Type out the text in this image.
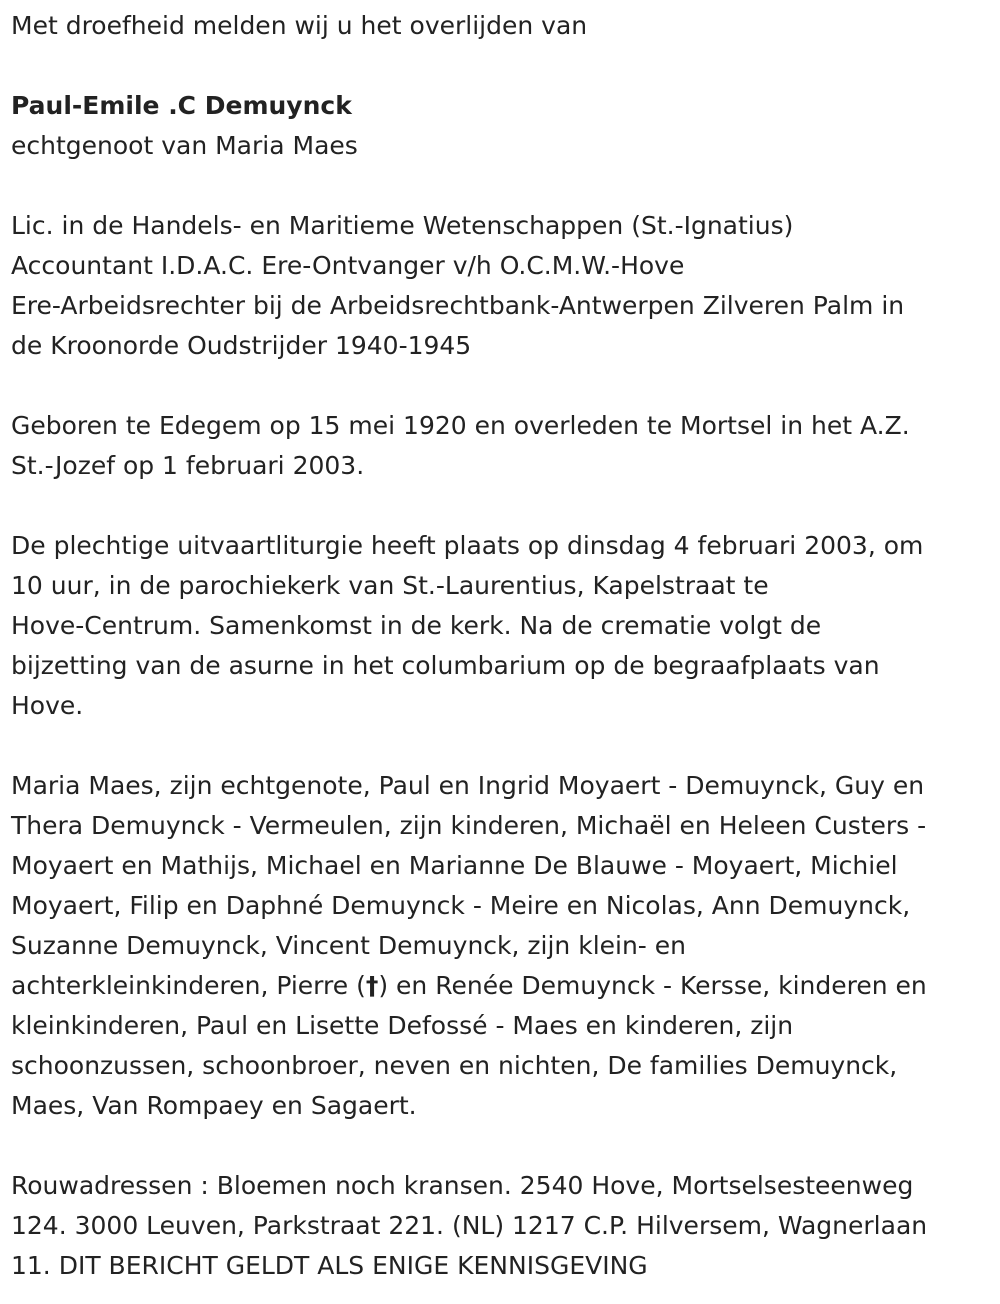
Met droefheid melden wij u het overlijden van
Paul-Emile .C Demuynck
echtgenoot van Maria Maes
Lic. in de Handels- en Maritieme Wetenschappen (St.-Ignatius)
Accountant I.D.A.C. Ere-Ontvanger v/h O.C.M.W.-Hove
Ere-Arbeidsrechter bij de Arbeidsrechtbank-Antwerpen Zilveren Palm in
de Kroonorde Oudstrijder 1940-1945
Geboren te Edegem op 15 mei 1920 en overleden te Mortsel in het A.Z.
St.-Jozef op 1 februari 2003.
De plechtige uitvaartliturgie heeft plaats op dinsdag 4 februari 2003, om
10 uur, in de parochiekerk van St.-Laurentius, Kapelstraat te
Hove-Centrum. Samenkomst in de kerk. Na de crematie volgt de
bijzetting van de asurne in het columbarium op de begraafplaats van
Hove.
Maria Maes, zijn echtgenote, Paul en Ingrid Moyaert - Demuynck, Guy en
Thera Demuynck - Vermeulen, zijn kinderen, Michaël en Heleen Custers -
Moyaert en Mathijs, Michael en Marianne De Blauwe - Moyaert, Michiel
Moyaert, Filip en Daphné Demuynck - Meire en Nicolas, Ann Demuynck,
Suzanne Demuynck, Vincent Demuynck, zijn klein- en
achterkleinkinderen, Pierre (†) en Renée Demuynck - Kersse, kinderen en
kleinkinderen, Paul en Lisette Defossé - Maes en kinderen, zijn
schoonzussen, schoonbroer, neven en nichten, De families Demuynck,
Maes, Van Rompaey en Sagaert.
Rouwadressen : Bloemen noch kransen. 2540 Hove, Mortselsesteenweg
124. 3000 Leuven, Parkstraat 221. (NL) 1217 C.P. Hilversem, Wagnerlaan
11. DIT BERICHT GELDT ALS ENIGE KENNISGEVING
